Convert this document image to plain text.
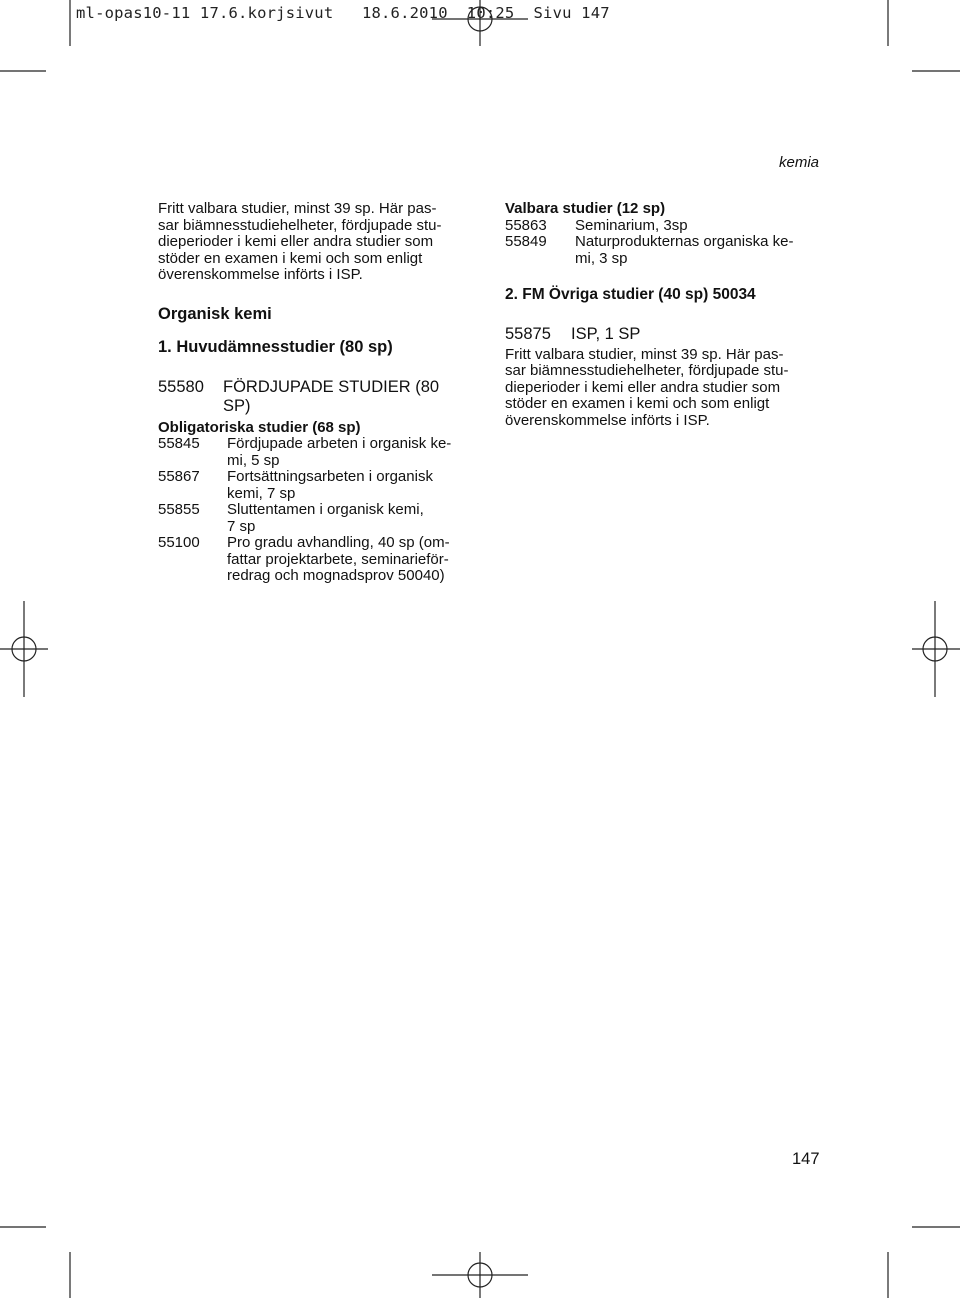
ml-opas10-11 17.6.korjsivut   18.6.2010  10:25  Sivu 147
kemia

Fritt valbara studier, minst 39 sp. Här pas-
sar biämnesstudiehelheter, fördjupade stu-
dieperioder i kemi eller andra studier som
stöder en examen i kemi och som enligt
överenskommelse införts i ISP.

Organisk kemi
1. Huvudämnesstudier (80 sp)
55580	FÖRDJUPADE STUDIER (80
SP)
Obligatoriska studier (68 sp)
55845	Fördjupade arbeten i organisk ke-
mi, 5 sp
55867	Fortsättningsarbeten i organisk
kemi, 7 sp
55855	Sluttentamen i organisk kemi,
7 sp
55100	Pro gradu avhandling, 40 sp (om-
fattar projektarbete, seminarieför-
redrag och mognadsprov 50040)
Valbara studier (12 sp)
55863	Seminarium, 3sp
55849	Naturprodukternas organiska ke-
mi, 3 sp
2. FM Övriga studier (40 sp) 50034
55875	ISP, 1 SP

Fritt valbara studier, minst 39 sp. Här pas-
sar biämnesstudiehelheter, fördjupade stu-
dieperioder i kemi eller andra studier som
stöder en examen i kemi och som enligt
överenskommelse införts i ISP.

147
